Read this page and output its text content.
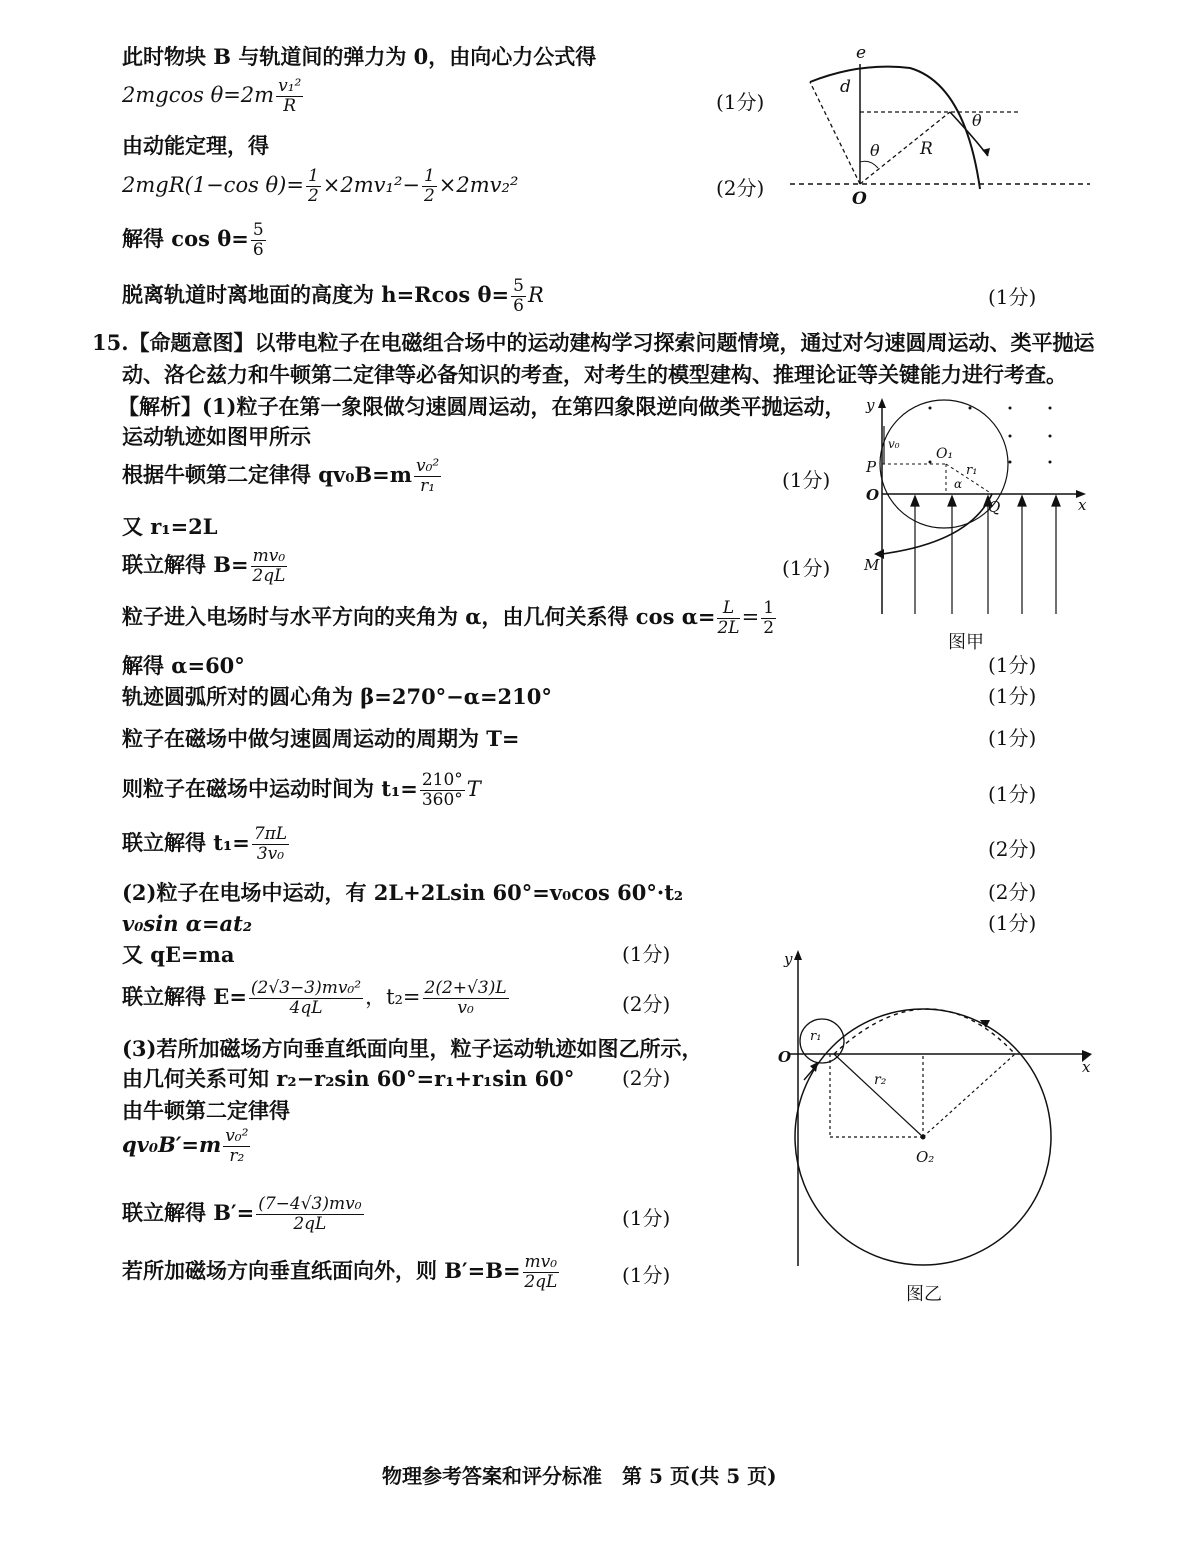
此时物块 B 与轨道间的弹力为 0，由向心力公式得
2mgcos $\theta=2m \frac{\text{v₁²}}{R}$	(1分)
由动能定理，得
2mgR(1−cos $\theta)= \frac{1}{2} \times 2mv_1^2- \frac{1}{2} \times 2mv_2^2$	(2分)
解得 $\cos \theta= \frac{5}{6}$
脱离轨道时离地面的高度为 h=Rcos $\theta= \frac{5}{6}$ R	(1分)
e
d
θ
θ
R
O
15.【命题意图】以带电粒子在电磁组合场中的运动建构学习探索问题情境，通过对匀速圆周运动、类平抛运
动、洛仑兹力和牛顿第二定律等必备知识的考查，对考生的模型建构、推理论证等关键能力进行考查。
【解析】(1)粒子在第一象限做匀速圆周运动，在第四象限逆向做类平抛运动，
运动轨迹如图甲所示
根据牛顿第二定律得 $qv_0B=m \frac{\text{v₀²}}{\text{r₁}}$	(1分)
又 r₁=2L
联立解得 $B= \frac{\text{mv₀}}{2qL}$	(1分)
粒子进入电场时与水平方向的夹角为 α，由几何关系得 $\cos \alpha= \frac{L}{2L} = \frac{1}{2}$
解得 α=60°	(1分)
轨迹圆弧所对的圆心角为 β=270°−α=210°	(1分)
粒子在磁场中做匀速圆周运动的周期为 T=	(1分)
则粒子在磁场中运动时间为 $t_1= \frac{210^\circ}{360^\circ}$ T	(1分)
联立解得 $t_1= \frac{7\pi L}{\text{3v₀}}$	(2分)
(2)粒子在电场中运动，有 2L+2Lsin 60°=v₀cos 60°·t₂	(2分)
v₀sin α=at₂	(1分)
又 qE=ma	(1分)
联立解得 $E= \frac{\text{(2√3−3)mv₀²}}{4qL}$ ，$t_2= \frac{2(2+√3)L}{\text{v₀}}$	(2分)
(3)若所加磁场方向垂直纸面向里，粒子运动轨迹如图乙所示，
由几何关系可知 r₂−r₂sin 60°=r₁+r₁sin 60° (2分)
由牛顿第二定律得
$qv_0B'=m \frac{\text{v₀²}}{\text{r₂}}$
联立解得 $B'= \frac{\text{(7−4√3)mv₀}}{2qL}$	(1分)
若所加磁场方向垂直纸面向外，则 $B'=B= \frac{\text{mv₀}}{2qL}$	(1分)
y
x
O
P
Q
M
O₁
r₁
α
v₀
图甲
y
x
O
O₂
r₁
r₂
图乙
物理参考答案和评分标准　第 5 页(共 5 页)
